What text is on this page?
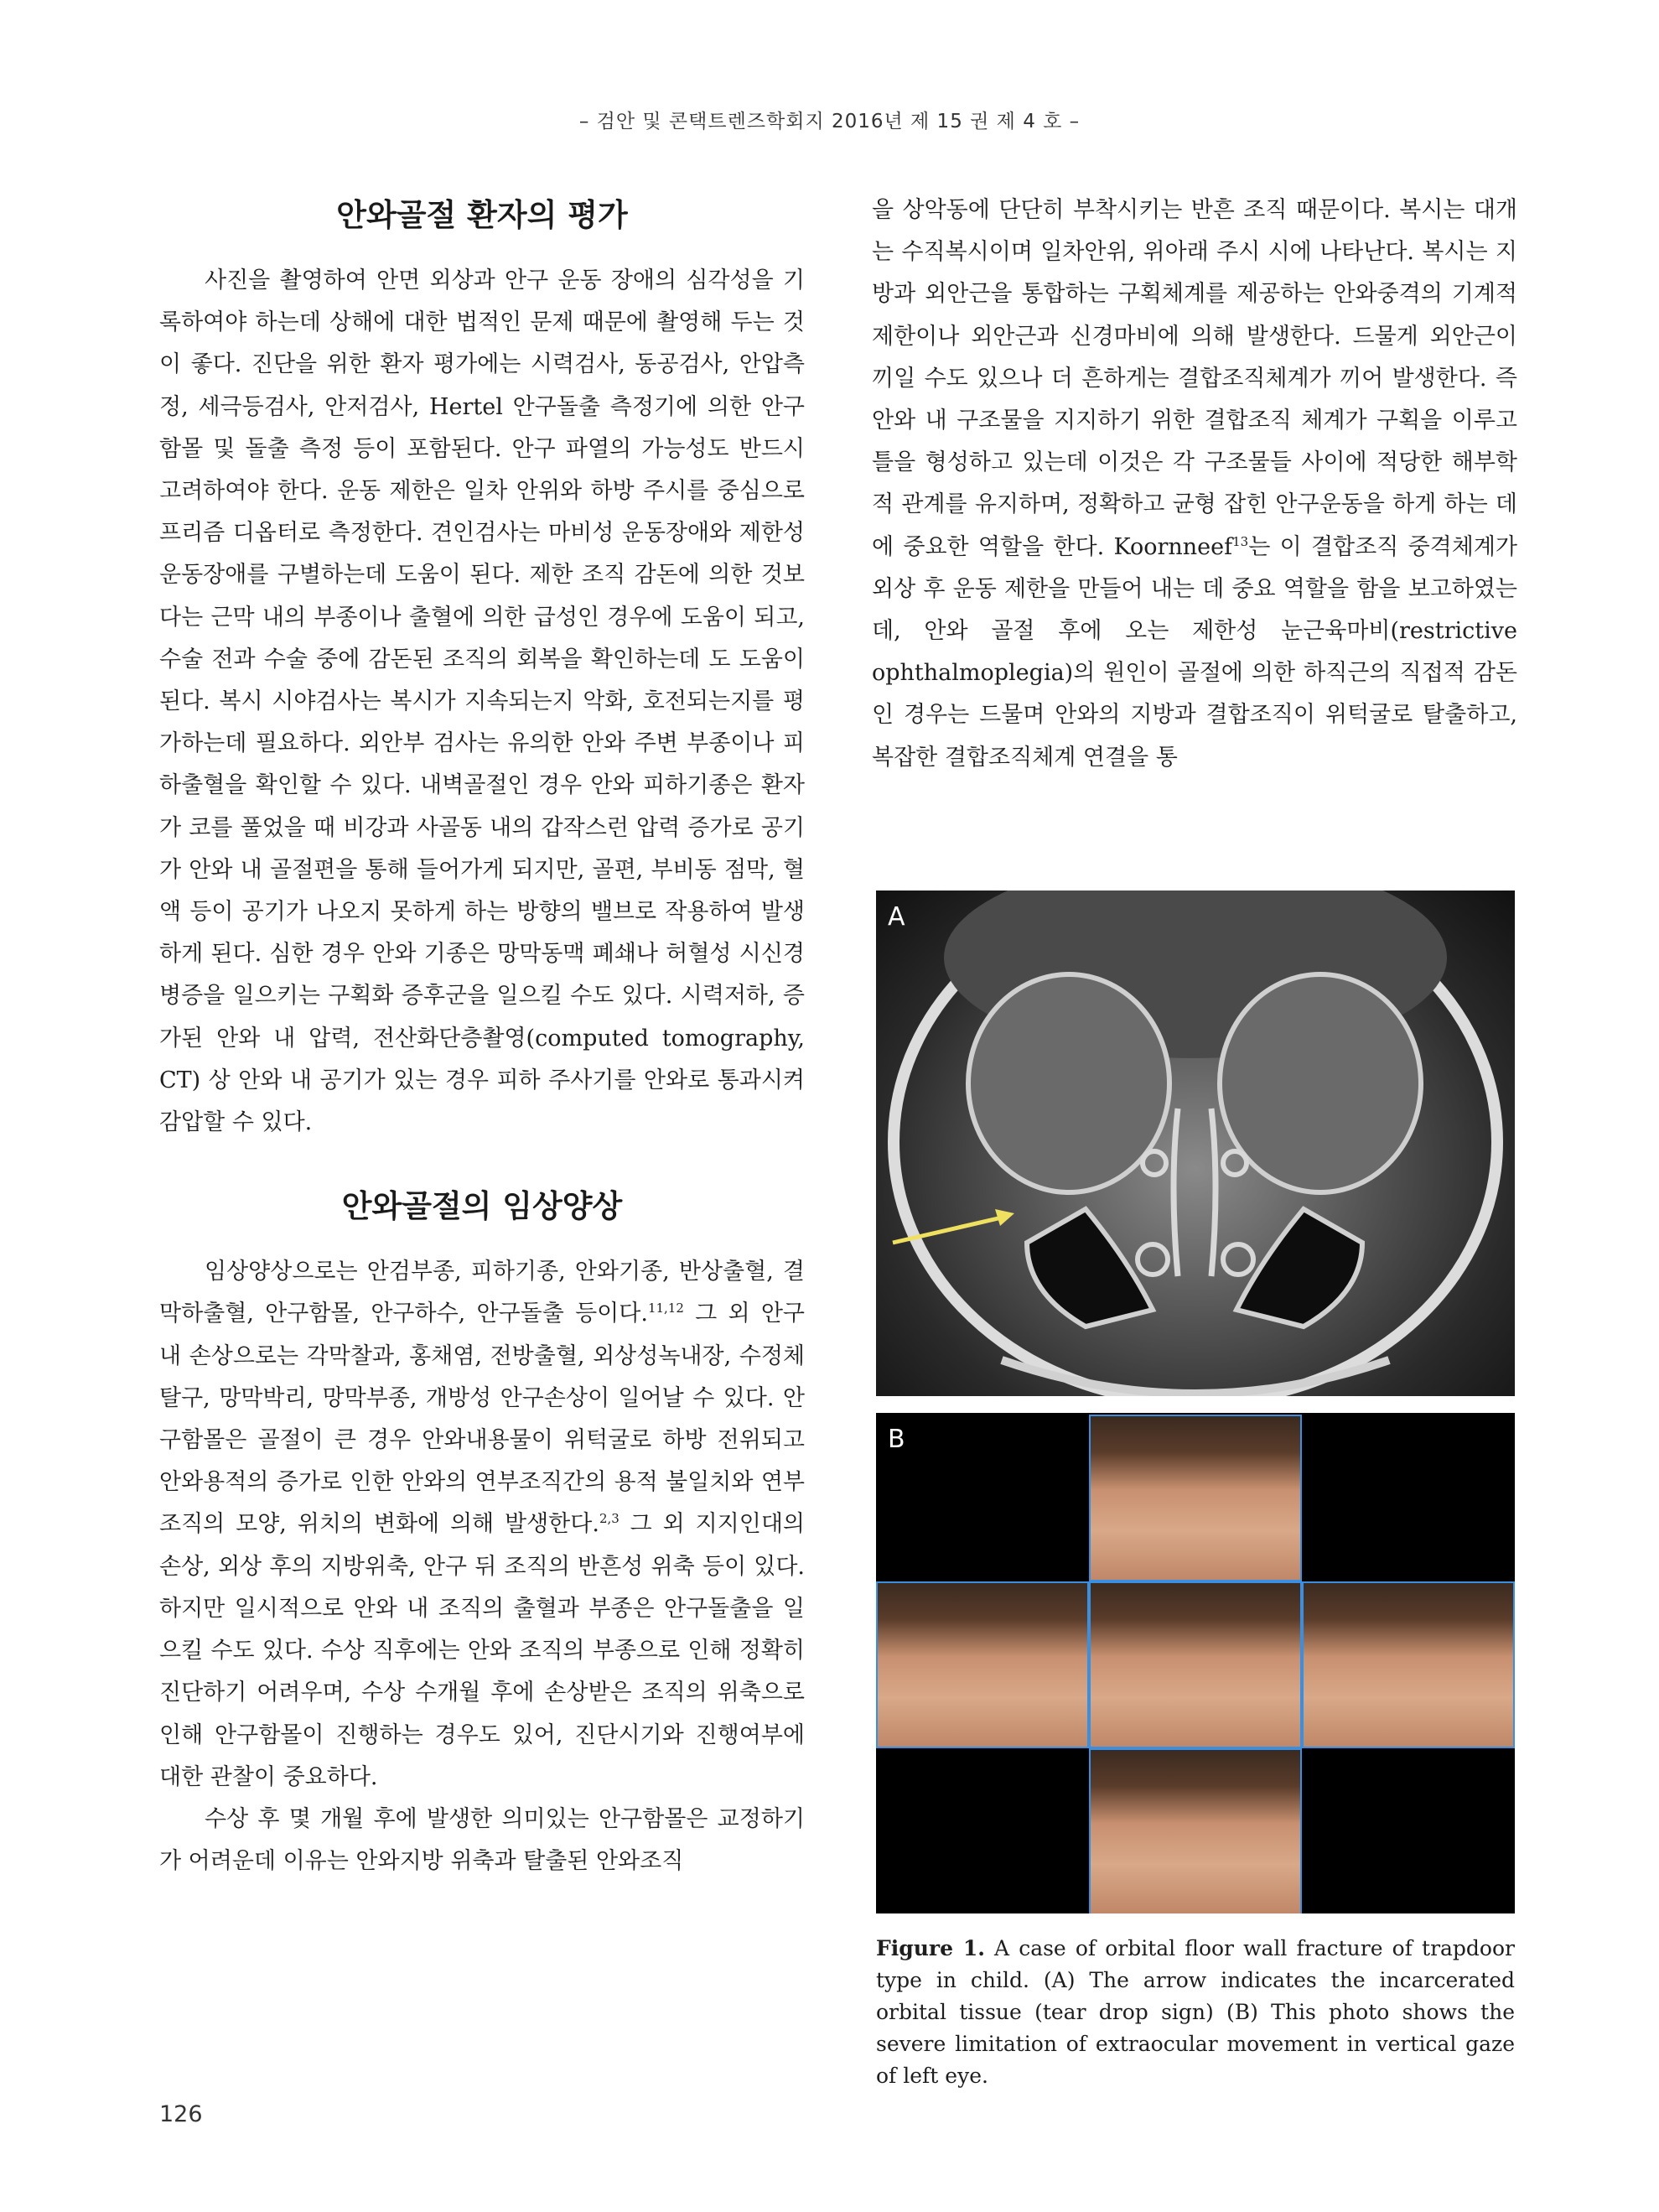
– 검안 및 콘택트렌즈학회지 2016년 제 15 권 제 4 호 –
안와골절 환자의 평가

사진을 촬영하여 안면 외상과 안구 운동 장애의 심각성을 기록하여야 하는데 상해에 대한 법적인 문제 때문에 촬영해 두는 것이 좋다. 진단을 위한 환자 평가에는 시력검사, 동공검사, 안압측정, 세극등검사, 안저검사, Hertel 안구돌출 측정기에 의한 안구함몰 및 돌출 측정 등이 포함된다. 안구 파열의 가능성도 반드시 고려하여야 한다. 운동 제한은 일차 안위와 하방 주시를 중심으로 프리즘 디옵터로 측정한다. 견인검사는 마비성 운동장애와 제한성 운동장애를 구별하는데 도움이 된다. 제한 조직 감돈에 의한 것보다는 근막 내의 부종이나 출혈에 의한 급성인 경우에 도움이 되고, 수술 전과 수술 중에 감돈된 조직의 회복을 확인하는데 도 도움이 된다. 복시 시야검사는 복시가 지속되는지 악화, 호전되는지를 평가하는데 필요하다. 외안부 검사는 유의한 안와 주변 부종이나 피하출혈을 확인할 수 있다. 내벽골절인 경우 안와 피하기종은 환자가 코를 풀었을 때 비강과 사골동 내의 갑작스런 압력 증가로 공기가 안와 내 골절편을 통해 들어가게 되지만, 골편, 부비동 점막, 혈액 등이 공기가 나오지 못하게 하는 방향의 밸브로 작용하여 발생하게 된다. 심한 경우 안와 기종은 망막동맥 폐쇄나 허혈성 시신경병증을 일으키는 구획화 증후군을 일으킬 수도 있다. 시력저하, 증가된 안와 내 압력, 전산화단층촬영(computed tomography, CT) 상 안와 내 공기가 있는 경우 피하 주사기를 안와로 통과시켜 감압할 수 있다.

안와골절의 임상양상

임상양상으로는 안검부종, 피하기종, 안와기종, 반상출혈, 결막하출혈, 안구함몰, 안구하수, 안구돌출 등이다.$^{11,12}$ 그 외 안구 내 손상으로는 각막찰과, 홍채염, 전방출혈, 외상성녹내장, 수정체탈구, 망막박리, 망막부종, 개방성 안구손상이 일어날 수 있다. 안구함몰은 골절이 큰 경우 안와내용물이 위턱굴로 하방 전위되고 안와용적의 증가로 인한 안와의 연부조직간의 용적 불일치와 연부조직의 모양, 위치의 변화에 의해 발생한다.$^{2,3}$ 그 외 지지인대의 손상, 외상 후의 지방위축, 안구 뒤 조직의 반흔성 위축 등이 있다. 하지만 일시적으로 안와 내 조직의 출혈과 부종은 안구돌출을 일으킬 수도 있다. 수상 직후에는 안와 조직의 부종으로 인해 정확히 진단하기 어려우며, 수상 수개월 후에 손상받은 조직의 위축으로 인해 안구함몰이 진행하는 경우도 있어, 진단시기와 진행여부에 대한 관찰이 중요하다.

수상 후 몇 개월 후에 발생한 의미있는 안구함몰은 교정하기가 어려운데 이유는 안와지방 위축과 탈출된 안와조직

을 상악동에 단단히 부착시키는 반흔 조직 때문이다. 복시는 대개는 수직복시이며 일차안위, 위아래 주시 시에 나타난다. 복시는 지방과 외안근을 통합하는 구획체계를 제공하는 안와중격의 기계적 제한이나 외안근과 신경마비에 의해 발생한다. 드물게 외안근이 끼일 수도 있으나 더 흔하게는 결합조직체계가 끼어 발생한다. 즉 안와 내 구조물을 지지하기 위한 결합조직 체계가 구획을 이루고 틀을 형성하고 있는데 이것은 각 구조물들 사이에 적당한 해부학적 관계를 유지하며, 정확하고 균형 잡힌 안구운동을 하게 하는 데에 중요한 역할을 한다. Koornneef$^{13}$는 이 결합조직 중격체계가 외상 후 운동 제한을 만들어 내는 데 중요 역할을 함을 보고하였는데, 안와 골절 후에 오는 제한성 눈근육마비(restrictive ophthalmoplegia)의 원인이 골절에 의한 하직근의 직접적 감돈인 경우는 드물며 안와의 지방과 결합조직이 위턱굴로 탈출하고, 복잡한 결합조직체계 연결을 통

A
B

Figure 1. A case of orbital floor wall fracture of trapdoor type in child. (A) The arrow indicates the incarcerated orbital tissue (tear drop sign) (B) This photo shows the severe limitation of extraocular movement in vertical gaze of left eye.

126
